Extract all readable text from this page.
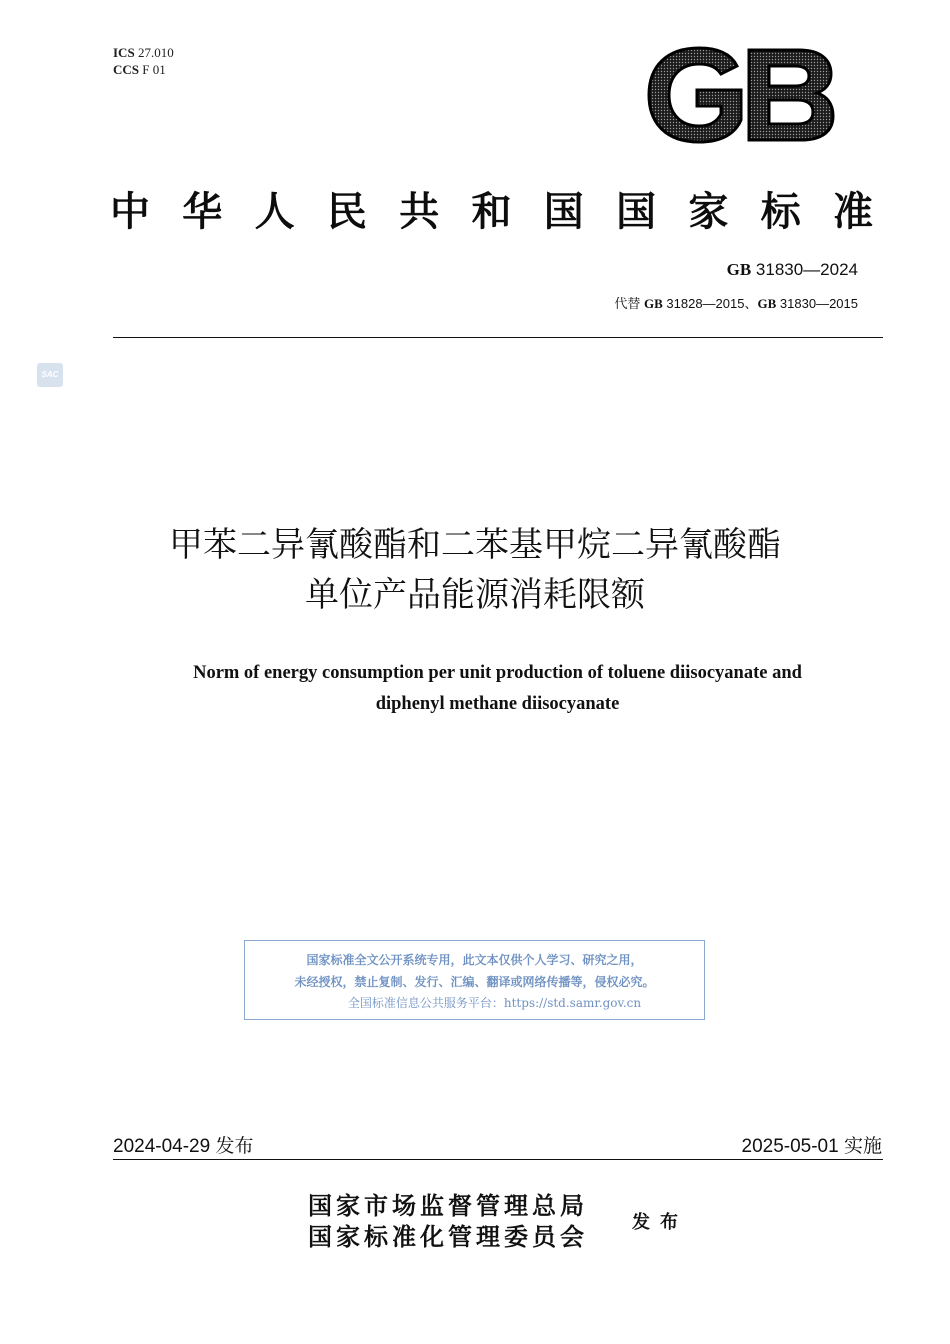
ICS 27.010
CCS F 01
GB
中华人民共和国国家标准
GB 31830—2024
代替 GB 31828—2015、GB 31830—2015
SAC
甲苯二异氰酸酯和二苯基甲烷二异氰酸酯
单位产品能源消耗限额
Norm of energy consumption per unit production of toluene diisocyanate and
diphenyl methane diisocyanate
国家标准全文公开系统专用，此文本仅供个人学习、研究之用，
未经授权，禁止复制、发行、汇编、翻译或网络传播等，侵权必究。
全国标准信息公共服务平台：https://std.samr.gov.cn
2024-04-29 发布	2025-05-01 实施
国家市场监督管理总局
国家标准化管理委员会 发布
